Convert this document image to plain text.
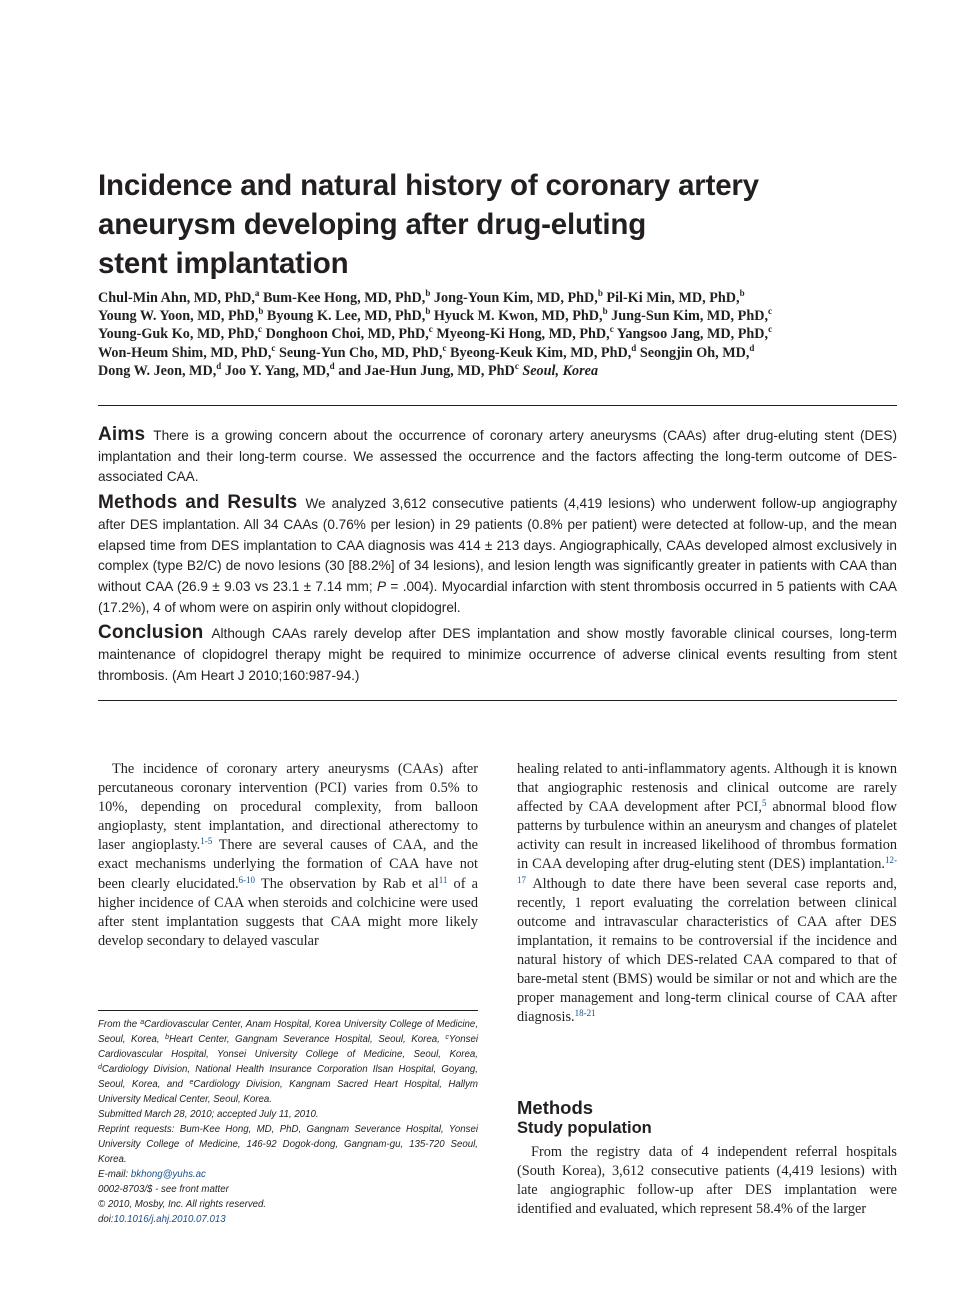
Incidence and natural history of coronary artery
aneurysm developing after drug-eluting
stent implantation
Chul-Min Ahn, MD, PhD,$^a$ Bum-Kee Hong, MD, PhD,$^b$ Jong-Youn Kim, MD, PhD,$^b$ Pil-Ki Min, MD, PhD,$^b$
Young W. Yoon, MD, PhD,$^b$ Byoung K. Lee, MD, PhD,$^b$ Hyuck M. Kwon, MD, PhD,$^b$ Jung-Sun Kim, MD, PhD,$^c$
Young-Guk Ko, MD, PhD,$^c$ Donghoon Choi, MD, PhD,$^c$ Myeong-Ki Hong, MD, PhD,$^c$ Yangsoo Jang, MD, PhD,$^c$
Won-Heum Shim, MD, PhD,$^c$ Seung-Yun Cho, MD, PhD,$^c$ Byeong-Keuk Kim, MD, PhD,$^d$ Seongjin Oh, MD,$^d$
Dong W. Jeon, MD,$^d$ Joo Y. Yang, MD,$^d$ and Jae-Hun Jung, MD, PhD$^c$ Seoul, Korea

Aims There is a growing concern about the occurrence of coronary artery aneurysms (CAAs) after drug-eluting stent (DES) implantation and their long-term course. We assessed the occurrence and the factors affecting the long-term outcome of DES-associated CAA.

Methods and Results We analyzed 3,612 consecutive patients (4,419 lesions) who underwent follow-up angiography after DES implantation. All 34 CAAs (0.76% per lesion) in 29 patients (0.8% per patient) were detected at follow-up, and the mean elapsed time from DES implantation to CAA diagnosis was 414 ± 213 days. Angiographically, CAAs developed almost exclusively in complex (type B2/C) de novo lesions (30 [88.2%] of 34 lesions), and lesion length was significantly greater in patients with CAA than without CAA (26.9 ± 9.03 vs 23.1 ± 7.14 mm; P = .004). Myocardial infarction with stent thrombosis occurred in 5 patients with CAA (17.2%), 4 of whom were on aspirin only without clopidogrel.

Conclusion Although CAAs rarely develop after DES implantation and show mostly favorable clinical courses, long-term maintenance of clopidogrel therapy might be required to minimize occurrence of adverse clinical events resulting from stent thrombosis. (Am Heart J 2010;160:987-94.)

The incidence of coronary artery aneurysms (CAAs) after percutaneous coronary intervention (PCI) varies from 0.5% to 10%, depending on procedural complexity, from balloon angioplasty, stent implantation, and directional atherectomy to laser angioplasty.$^{1-5}$ There are several causes of CAA, and the exact mechanisms underlying the formation of CAA have not been clearly elucidated.$^{6-10}$ The observation by Rab et $al^{11}$ of a higher incidence of CAA when steroids and colchicine were used after stent implantation suggests that CAA might more likely develop secondary to delayed vascular

From the $^a$Cardiovascular Center, Anam Hospital, Korea University College of Medicine, Seoul, Korea, $^b$Heart Center, Gangnam Severance Hospital, Seoul, Korea, $^c$Yonsei Cardiovascular Hospital, Yonsei University College of Medicine, Seoul, Korea, $^d$Cardiology Division, National Health Insurance Corporation Ilsan Hospital, Goyang, Seoul, Korea, and $^e$Cardiology Division, Kangnam Sacred Heart Hospital, Hallym University Medical Center, Seoul, Korea.

Submitted March 28, 2010; accepted July 11, 2010.

Reprint requests: Bum-Kee Hong, MD, PhD, Gangnam Severance Hospital, Yonsei University College of Medicine, 146-92 Dogok-dong, Gangnam-gu, 135-720 Seoul, Korea.

E-mail: bkhong@yuhs.ac

0002-8703/$ - see front matter

© 2010, Mosby, Inc. All rights reserved.

doi:10.1016/j.ahj.2010.07.013

healing related to anti-inflammatory agents. Although it is known that angiographic restenosis and clinical outcome are rarely affected by CAA development after PCI,$^5$ abnormal blood flow patterns by turbulence within an aneurysm and changes of platelet activity can result in increased likelihood of thrombus formation in CAA developing after drug-eluting stent (DES) implantation.$^{12-17}$ Although to date there have been several case reports and, recently, 1 report evaluating the correlation between clinical outcome and intravascular characteristics of CAA after DES implantation, it remains to be controversial if the incidence and natural history of which DES-related CAA compared to that of bare-metal stent (BMS) would be similar or not and which are the proper management and long-term clinical course of CAA after diagnosis.$^{18-21}$

Methods
Study population

From the registry data of 4 independent referral hospitals (South Korea), 3,612 consecutive patients (4,419 lesions) with late angiographic follow-up after DES implantation were identified and evaluated, which represent 58.4% of the larger
